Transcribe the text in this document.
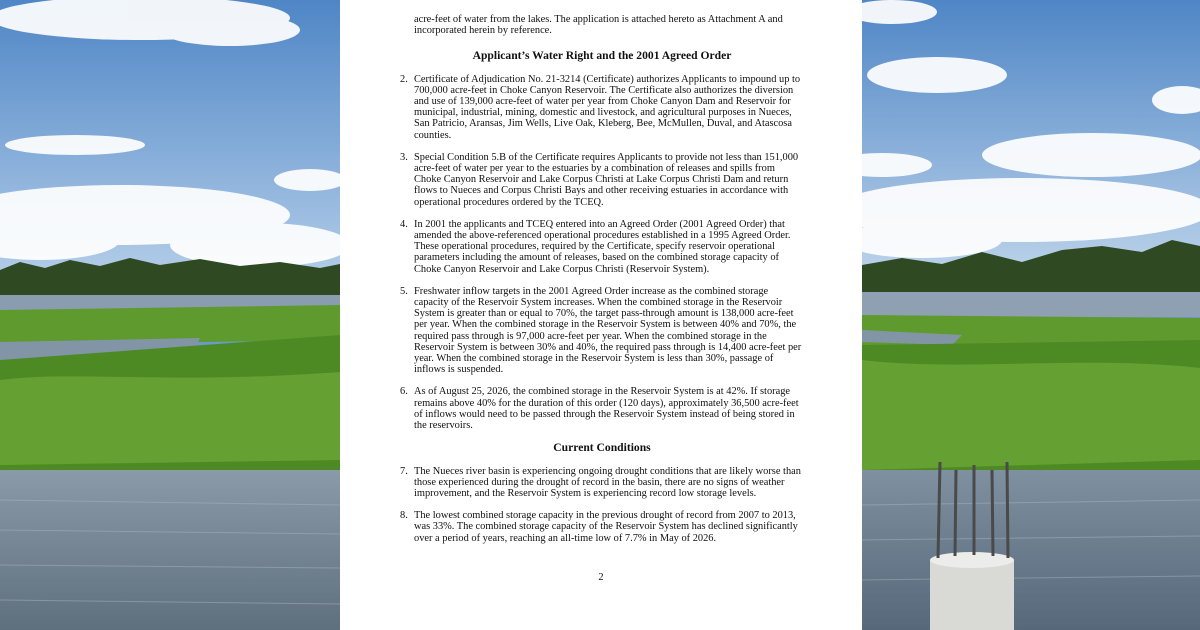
acre-feet of water from the lakes. The application is attached hereto as Attachment A and incorporated herein by reference.
Applicant’s Water Right and the 2001 Agreed Order
2. Certificate of Adjudication No. 21-3214 (Certificate) authorizes Applicants to impound up to 700,000 acre-feet in Choke Canyon Reservoir. The Certificate also authorizes the diversion and use of 139,000 acre-feet of water per year from Choke Canyon Dam and Reservoir for municipal, industrial, mining, domestic and livestock, and agricultural purposes in Nueces, San Patricio, Aransas, Jim Wells, Live Oak, Kleberg, Bee, McMullen, Duval, and Atascosa counties.
3. Special Condition 5.B of the Certificate requires Applicants to provide not less than 151,000 acre-feet of water per year to the estuaries by a combination of releases and spills from Choke Canyon Reservoir and Lake Corpus Christi at Lake Corpus Christi Dam and return flows to Nueces and Corpus Christi Bays and other receiving estuaries in accordance with operational procedures ordered by the TCEQ.
4. In 2001 the applicants and TCEQ entered into an Agreed Order (2001 Agreed Order) that amended the above-referenced operational procedures established in a 1995 Agreed Order. These operational procedures, required by the Certificate, specify reservoir operational parameters including the amount of releases, based on the combined storage capacity of Choke Canyon Reservoir and Lake Corpus Christi (Reservoir System).
5. Freshwater inflow targets in the 2001 Agreed Order increase as the combined storage capacity of the Reservoir System increases. When the combined storage in the Reservoir System is greater than or equal to 70%, the target pass-through amount is 138,000 acre-feet per year. When the combined storage in the Reservoir System is between 40% and 70%, the required pass through is 97,000 acre-feet per year. When the combined storage in the Reservoir System is between 30% and 40%, the required pass through is 14,400 acre-feet per year. When the combined storage in the Reservoir System is less than 30%, passage of inflows is suspended.
6. As of August 25, 2026, the combined storage in the Reservoir System is at 42%. If storage remains above 40% for the duration of this order (120 days), approximately 36,500 acre-feet of inflows would need to be passed through the Reservoir System instead of being stored in the reservoirs.
Current Conditions
7. The Nueces river basin is experiencing ongoing drought conditions that are likely worse than those experienced during the drought of record in the basin, there are no signs of weather improvement, and the Reservoir System is experiencing record low storage levels.
8. The lowest combined storage capacity in the previous drought of record from 2007 to 2013, was 33%. The combined storage capacity of the Reservoir System has declined significantly over a period of years, reaching an all-time low of 7.7% in May of 2026.
2
